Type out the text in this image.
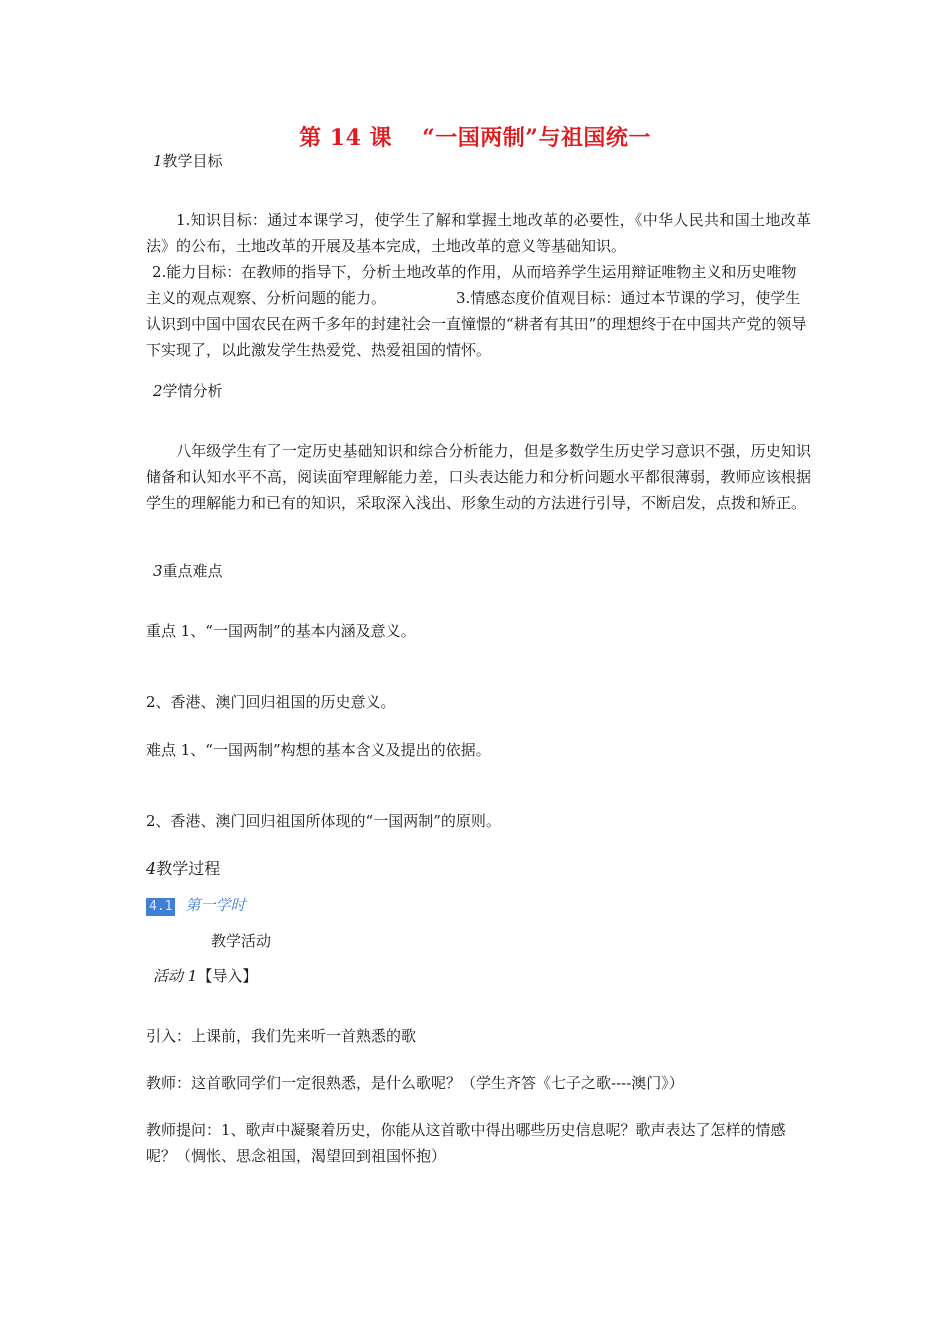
第 14 课 “一国两制”与祖国统一
1教学目标

1.知识目标：通过本课学习，使学生了解和掌握土地改革的必要性，《中华人民共和国土地改革法》的公布，土地改革的开展及基本完成，土地改革的意义等基础知识。

2.能力目标：在教师的指导下，分析土地改革的作用，从而培养学生运用辩证唯物主义和历史唯物主义的观点观察、分析问题的能力。	3.情感态度价值观目标：通过本节课的学习，使学生认识到中国中国农民在两千多年的封建社会一直憧憬的“耕者有其田”的理想终于在中国共产党的领导下实现了，以此激发学生热爱党、热爱祖国的情怀。

2学情分析

八年级学生有了一定历史基础知识和综合分析能力，但是多数学生历史学习意识不强，历史知识储备和认知水平不高，阅读面窄理解能力差，口头表达能力和分析问题水平都很薄弱，教师应该根据学生的理解能力和已有的知识，采取深入浅出、形象生动的方法进行引导，不断启发，点拨和矫正。

3重点难点
重点 1、“一国两制”的基本内涵及意义。
2、香港、澳门回归祖国的历史意义。
难点 1、“一国两制”构想的基本含义及提出的依据。
2、香港、澳门回归祖国所体现的“一国两制”的原则。
4教学过程
4.1 第一学时
教学活动
活动 1【导入】
引入：上课前，我们先来听一首熟悉的歌
教师：这首歌同学们一定很熟悉，是什么歌呢？（学生齐答《七子之歌----澳门》）

教师提问：1、歌声中凝聚着历史，你能从这首歌中得出哪些历史信息呢？歌声表达了怎样的情感呢？（惆怅、思念祖国，渴望回到祖国怀抱）
